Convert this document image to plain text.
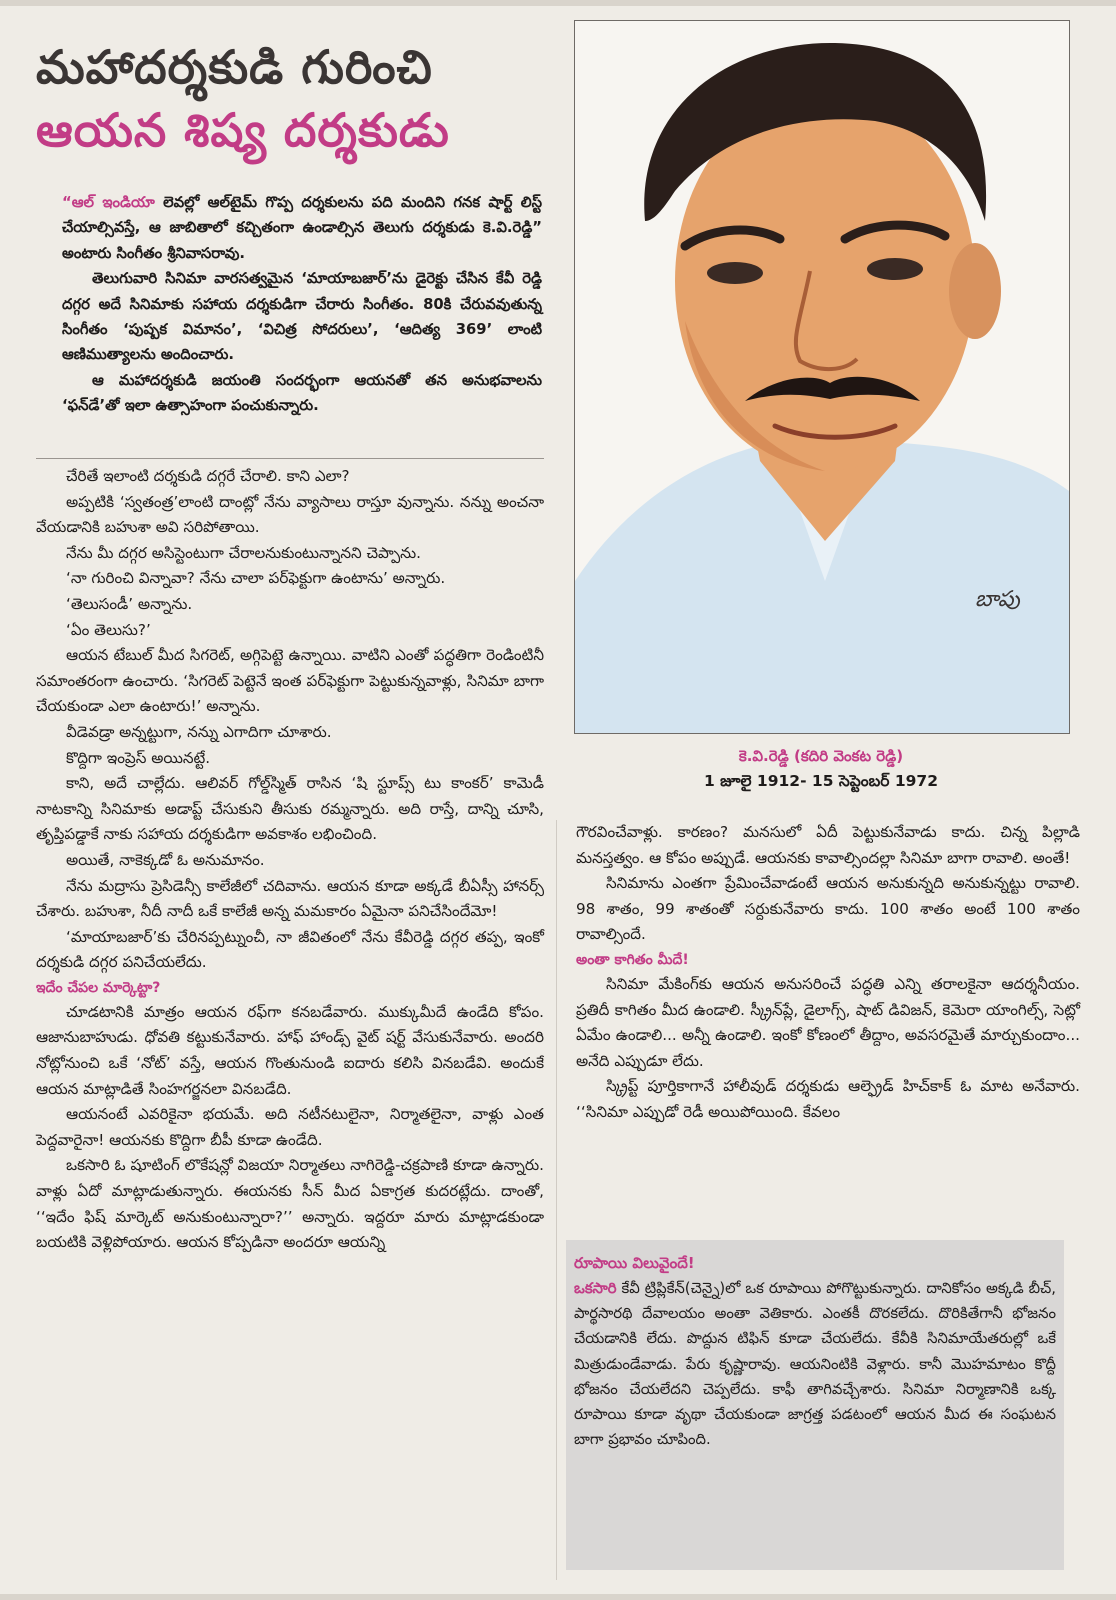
మహాదర్శకుడి గురించి
ఆయన శిష్య దర్శకుడు

“ఆల్ ఇండియా లెవల్లో ఆల్‌టైమ్ గొప్ప దర్శకులను పది మందిని గనక షార్ట్ లిస్ట్ చేయాల్సివస్తే, ఆ జాబితాలో కచ్చితంగా ఉండాల్సిన తెలుగు దర్శకుడు కె.వి.రెడ్డి” అంటారు సింగీతం శ్రీనివాసరావు.

తెలుగువారి సినిమా వారసత్వమైన ‘మాయాబజార్’ను డైరెక్టు చేసిన కేవీ రెడ్డి దగ్గర అదే సినిమాకు సహాయ దర్శకుడిగా చేరారు సింగీతం. 80కి చేరువవుతున్న సింగీతం ‘పుష్పక విమానం’, ‘విచిత్ర సోదరులు’, ‘ఆదిత్య 369’ లాంటి ఆణిముత్యాలను అందించారు.

ఆ మహాదర్శకుడి జయంతి సందర్భంగా ఆయనతో తన అనుభవాలను ‘ఫన్‌డే’తో ఇలా ఉత్సాహంగా పంచుకున్నారు.

చేరితే ఇలాంటి దర్శకుడి దగ్గరే చేరాలి. కాని ఎలా?

అప్పటికి ‘స్వతంత్ర’లాంటి దాంట్లో నేను వ్యాసాలు రాస్తూ వున్నాను. నన్ను అంచనా వేయడానికి బహుశా అవి సరిపోతాయి.

నేను మీ దగ్గర అసిస్టెంటుగా చేరాలనుకుంటున్నానని చెప్పాను.

‘నా గురించి విన్నావా? నేను చాలా పర్‌ఫెక్టుగా ఉంటాను’ అన్నారు.

‘తెలుసండీ’ అన్నాను.

‘ఏం తెలుసు?’

ఆయన టేబుల్ మీద సిగరెట్, అగ్గిపెట్టె ఉన్నాయి. వాటిని ఎంతో పద్ధతిగా రెండింటినీ సమాంతరంగా ఉంచారు. ‘సిగరెట్ పెట్టెనే ఇంత పర్‌ఫెక్టుగా పెట్టుకున్నవాళ్లు, సినిమా బాగా చేయకుండా ఎలా ఉంటారు!’ అన్నాను.

వీడెవడ్రా అన్నట్టుగా, నన్ను ఎగాదిగా చూశారు.

కొద్దిగా ఇంప్రెస్ అయినట్టే.

కాని, అదే చాల్లేదు. ఆలివర్ గోల్డ్‌స్మిత్ రాసిన ‘షి స్టూప్స్ టు కాంకర్’ కామెడీ నాటకాన్ని సినిమాకు అడాప్ట్ చేసుకుని తీసుకు రమ్మన్నారు. అది రాస్తే, దాన్ని చూసి, తృప్తిపడ్డాకే నాకు సహాయ దర్శకుడిగా అవకాశం లభించింది.

అయితే, నాకెక్కడో ఓ అనుమానం.

నేను మద్రాసు ప్రెసిడెన్సీ కాలేజీలో చదివాను. ఆయన కూడా అక్కడే బీఏస్సీ హానర్స్ చేశారు. బహుశా, నీదీ నాదీ ఒకే కాలేజీ అన్న మమకారం ఏమైనా పనిచేసిందేమో!

‘మాయాబజార్’కు చేరినప్పట్నుంచీ, నా జీవితంలో నేను కేవీరెడ్డి దగ్గర తప్ప, ఇంకో దర్శకుడి దగ్గర పనిచేయలేదు.

ఇదేం చేపల మార్కెట్టా?

చూడటానికి మాత్రం ఆయన రఫ్‌గా కనబడేవారు. ముక్కుమీదే ఉండేది కోపం. ఆజానుబాహుడు. ధోవతి కట్టుకునేవారు. హాఫ్ హాండ్స్ వైట్ షర్ట్ వేసుకునేవారు. అందరి నోట్లోనుంచి ఒకే ‘నోట్’ వస్తే, ఆయన గొంతునుండి ఐదారు కలిసి వినబడేవి. అందుకే ఆయన మాట్లాడితే సింహగర్జనలా వినబడేది.

ఆయనంటే ఎవరికైనా భయమే. అది నటీనటులైనా, నిర్మాతలైనా, వాళ్లు ఎంత పెద్దవారైనా! ఆయనకు కొద్దిగా బీపీ కూడా ఉండేది.

ఒకసారి ఓ షూటింగ్ లొకేషన్లో విజయా నిర్మాతలు నాగిరెడ్డి-చక్రపాణి కూడా ఉన్నారు. వాళ్లు ఏదో మాట్లాడుతున్నారు. ఈయనకు సీన్ మీద ఏకాగ్రత కుదరట్లేదు. దాంతో, ‘‘ఇదేం ఫిష్ మార్కెట్ అనుకుంటున్నారా?’’ అన్నారు. ఇద్దరూ మారు మాట్లాడకుండా బయటికి వెళ్లిపోయారు. ఆయన కోప్పడినా అందరూ ఆయన్ని

బాపు
కె.వి.రెడ్డి (కదిరి వెంకట రెడ్డి)
1 జూలై 1912- 15 సెప్టెంబర్ 1972

గౌరవించేవాళ్లు. కారణం? మనసులో ఏదీ పెట్టుకునేవాడు కాదు. చిన్న పిల్లాడి మనస్తత్వం. ఆ కోపం అప్పుడే. ఆయనకు కావాల్సిందల్లా సినిమా బాగా రావాలి. అంతే!

సినిమాను ఎంతగా ప్రేమించేవాడంటే ఆయన అనుకున్నది అనుకున్నట్టు రావాలి. 98 శాతం, 99 శాతంతో సర్దుకునేవారు కాదు. 100 శాతం అంటే 100 శాతం రావాల్సిందే.

అంతా కాగితం మీదే!

సినిమా మేకింగ్‌కు ఆయన అనుసరించే పద్ధతి ఎన్ని తరాలకైనా ఆదర్శనీయం. ప్రతిదీ కాగితం మీద ఉండాలి. స్క్రీన్‌ప్లే, డైలాగ్స్, షాట్ డివిజన్, కెమెరా యాంగిల్స్, సెట్లో ఏమేం ఉండాలి... అన్నీ ఉండాలి. ఇంకో కోణంలో తీద్దాం, అవసరమైతే మార్చుకుందాం... అనేది ఎప్పుడూ లేదు.

స్క్రిప్ట్ పూర్తికాగానే హాలీవుడ్ దర్శకుడు ఆల్ఫ్రెడ్ హిచ్‌కాక్ ఓ మాట అనేవారు. ‘‘సినిమా ఎప్పుడో రెడీ అయిపోయింది. కేవలం

రూపాయి విలువైందే!
ఒకసారి కేవీ ట్రిప్లికేన్(చెన్నై)లో ఒక రూపాయి పోగొట్టుకున్నారు. దానికోసం అక్కడి బీచ్, పార్థసారథి దేవాలయం అంతా వెతికారు. ఎంతకీ దొరకలేదు. దొరికితేగానీ భోజనం చేయడానికి లేదు. పొద్దున టిఫిన్ కూడా చేయలేదు. కేవీకి సినిమాయేతరుల్లో ఒకే మిత్రుడుండేవాడు. పేరు కృష్ణారావు. ఆయనింటికి వెళ్లారు. కానీ మొహమాటం కొద్దీ భోజనం చేయలేదని చెప్పలేదు. కాఫీ తాగివచ్చేశారు. సినిమా నిర్మాణానికి ఒక్క రూపాయి కూడా వృథా చేయకుండా జాగ్రత్త పడటంలో ఆయన మీద ఈ సంఘటన బాగా ప్రభావం చూపింది.
